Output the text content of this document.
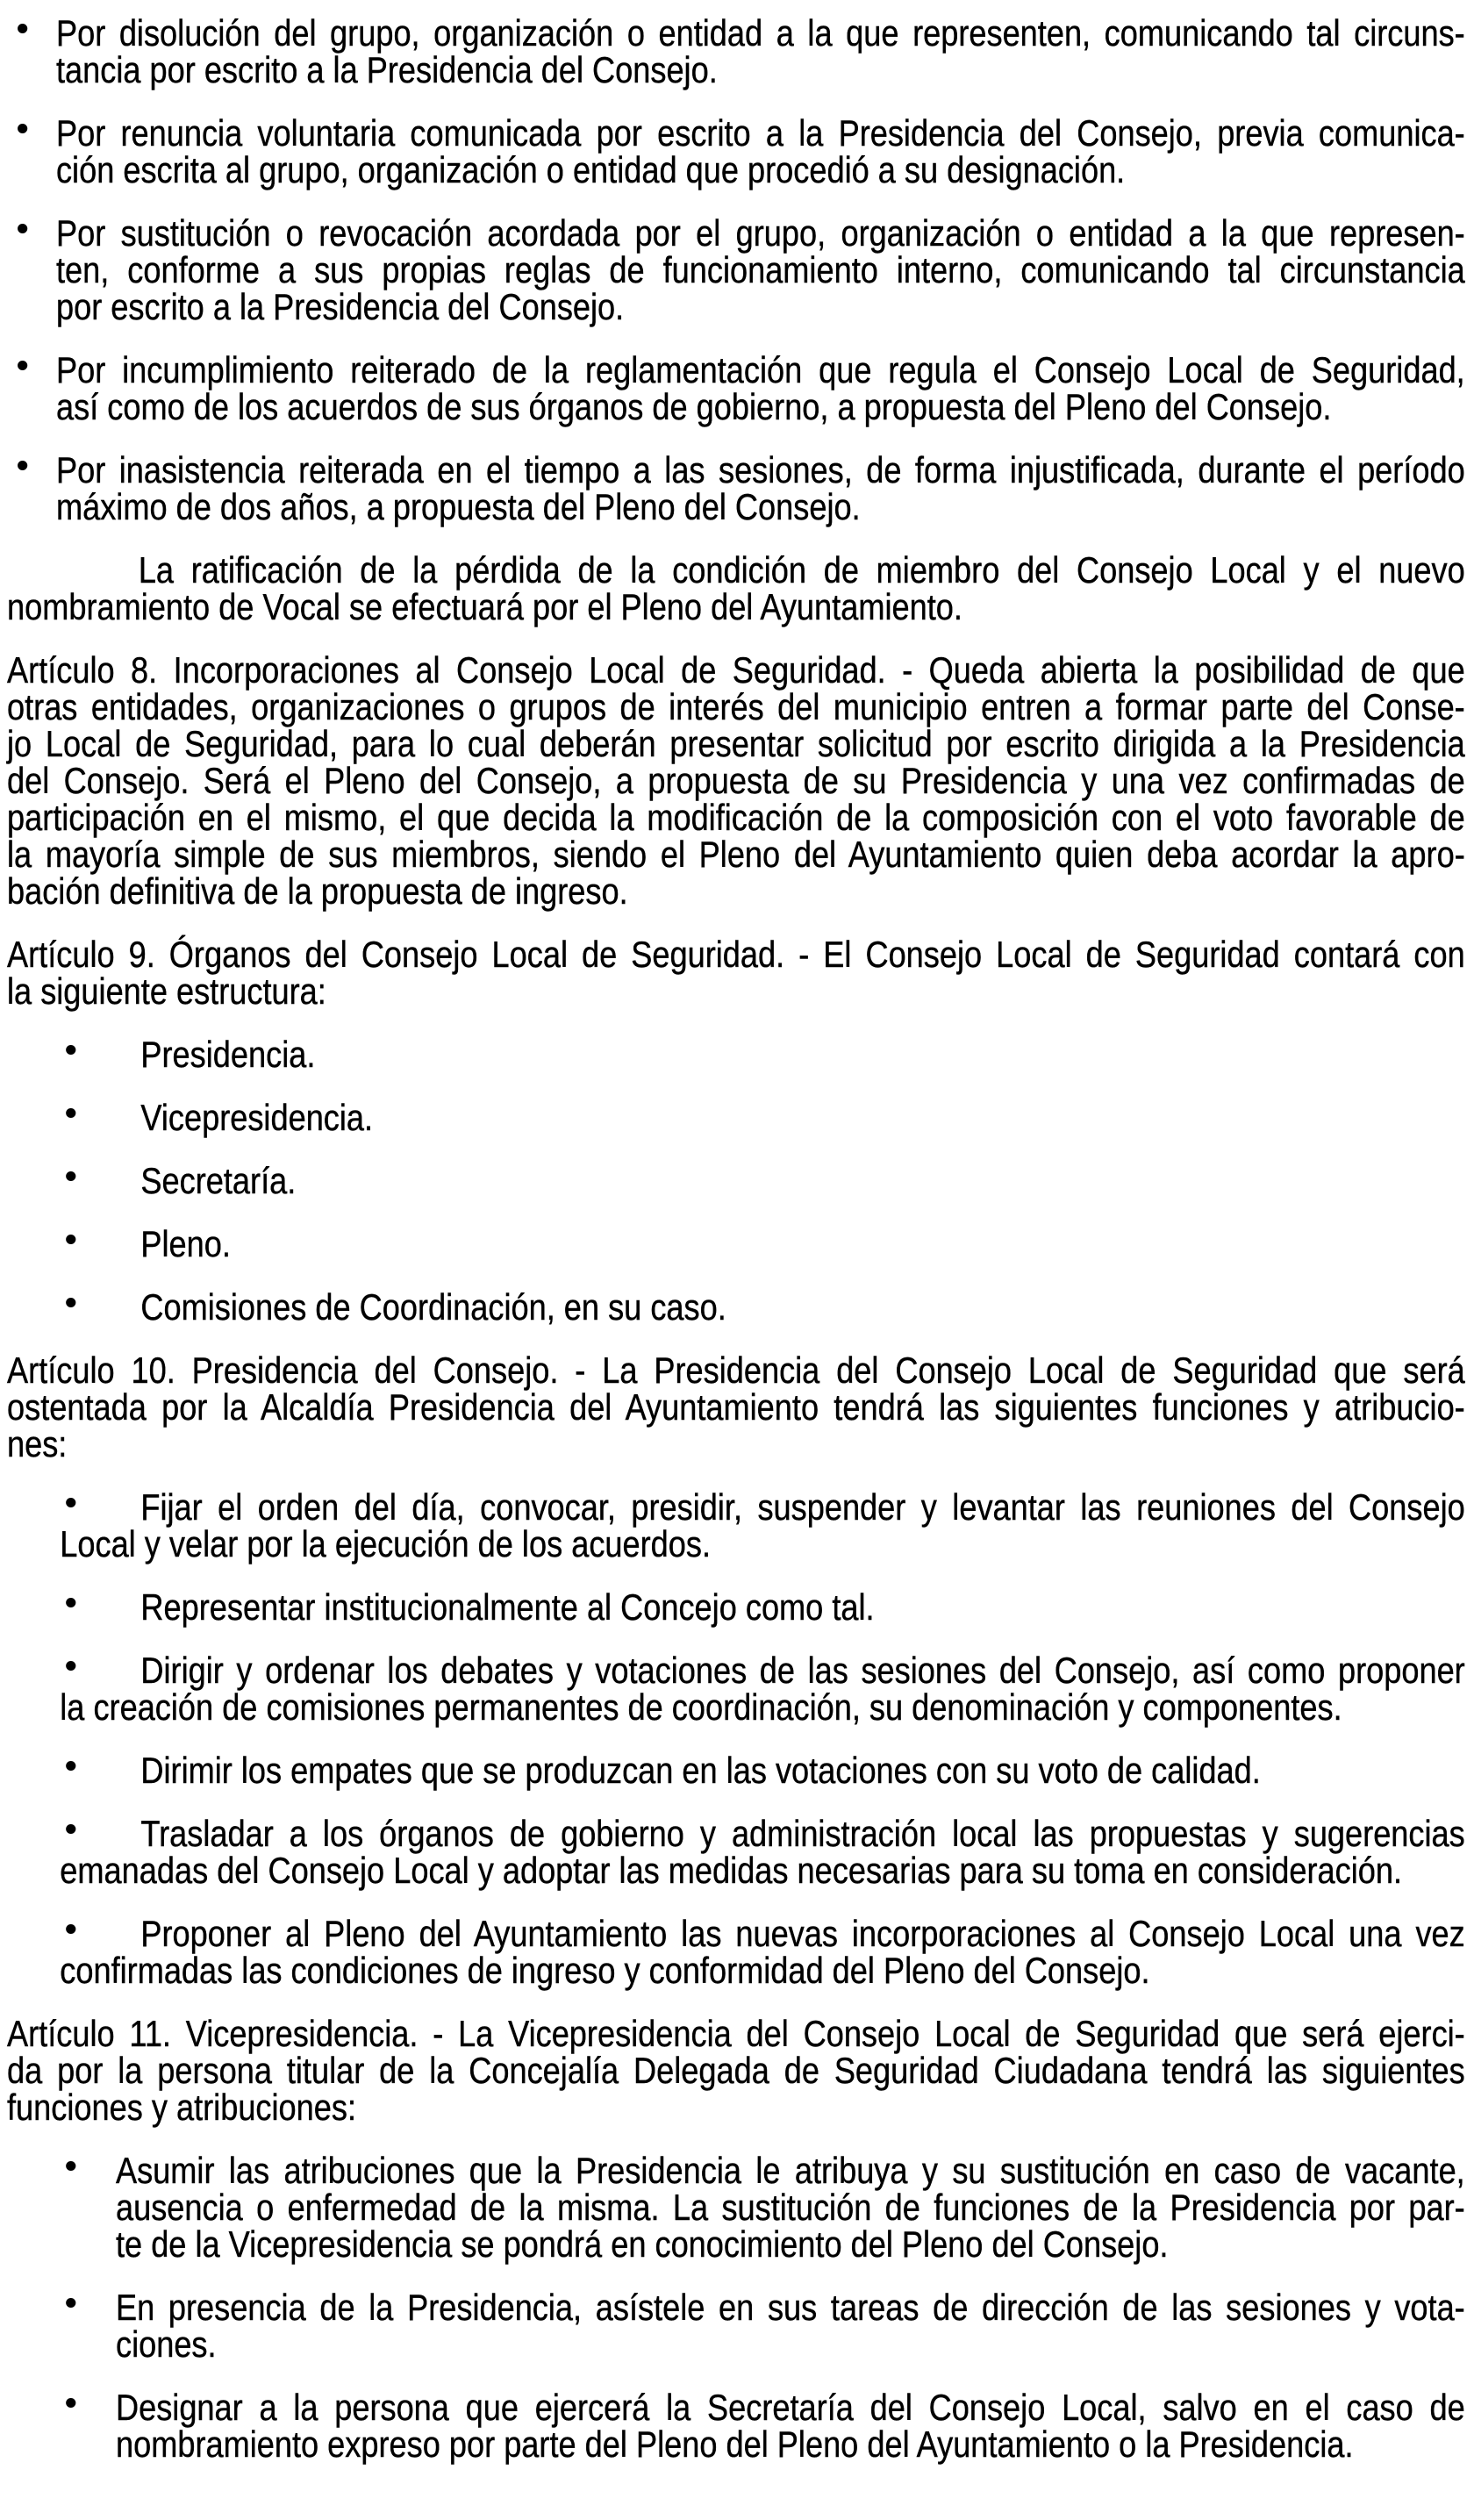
Por disolución del grupo, organización o entidad a la que representen, comunicando tal circuns-
tancia por escrito a la Presidencia del Consejo.
Por renuncia voluntaria comunicada por escrito a la Presidencia del Consejo, previa comunica-
ción escrita al grupo, organización o entidad que procedió a su designación.
Por sustitución o revocación acordada por el grupo, organización o entidad a la que represen-
ten, conforme a sus propias reglas de funcionamiento interno, comunicando tal circunstancia
por escrito a la Presidencia del Consejo.
Por incumplimiento reiterado de la reglamentación que regula el Consejo Local de Seguridad,
así como de los acuerdos de sus órganos de gobierno, a propuesta del Pleno del Consejo.
Por inasistencia reiterada en el tiempo a las sesiones, de forma injustificada, durante el período
máximo de dos años, a propuesta del Pleno del Consejo.
La ratificación de la pérdida de la condición de miembro del Consejo Local y el nuevo
nombramiento de Vocal se efectuará por el Pleno del Ayuntamiento.
Artículo 8. Incorporaciones al Consejo Local de Seguridad. - Queda abierta la posibilidad de que
otras entidades, organizaciones o grupos de interés del municipio entren a formar parte del Conse-
jo Local de Seguridad, para lo cual deberán presentar solicitud por escrito dirigida a la Presidencia
del Consejo. Será el Pleno del Consejo, a propuesta de su Presidencia y una vez confirmadas de
participación en el mismo, el que decida la modificación de la composición con el voto favorable de
la mayoría simple de sus miembros, siendo el Pleno del Ayuntamiento quien deba acordar la apro-
bación definitiva de la propuesta de ingreso.
Artículo 9. Órganos del Consejo Local de Seguridad. - El Consejo Local de Seguridad contará con
la siguiente estructura:
Presidencia.
Vicepresidencia.
Secretaría.
Pleno.
Comisiones de Coordinación, en su caso.
Artículo 10. Presidencia del Consejo. - La Presidencia del Consejo Local de Seguridad que será
ostentada por la Alcaldía Presidencia del Ayuntamiento tendrá las siguientes funciones y atribucio-
nes:
Fijar el orden del día, convocar, presidir, suspender y levantar las reuniones del Consejo
Local y velar por la ejecución de los acuerdos.
Representar institucionalmente al Concejo como tal.
Dirigir y ordenar los debates y votaciones de las sesiones del Consejo, así como proponer
la creación de comisiones permanentes de coordinación, su denominación y componentes.
Dirimir los empates que se produzcan en las votaciones con su voto de calidad.
Trasladar a los órganos de gobierno y administración local las propuestas y sugerencias
emanadas del Consejo Local y adoptar las medidas necesarias para su toma en consideración.
Proponer al Pleno del Ayuntamiento las nuevas incorporaciones al Consejo Local una vez
confirmadas las condiciones de ingreso y conformidad del Pleno del Consejo.
Artículo 11. Vicepresidencia. - La Vicepresidencia del Consejo Local de Seguridad que será ejerci-
da por la persona titular de la Concejalía Delegada de Seguridad Ciudadana tendrá las siguientes
funciones y atribuciones:
Asumir las atribuciones que la Presidencia le atribuya y su sustitución en caso de vacante,
ausencia o enfermedad de la misma. La sustitución de funciones de la Presidencia por par-
te de la Vicepresidencia se pondrá en conocimiento del Pleno del Consejo.
En presencia de la Presidencia, asístele en sus tareas de dirección de las sesiones y vota-
ciones.
Designar a la persona que ejercerá la Secretaría del Consejo Local, salvo en el caso de
nombramiento expreso por parte del Pleno del Pleno del Ayuntamiento o la Presidencia.
